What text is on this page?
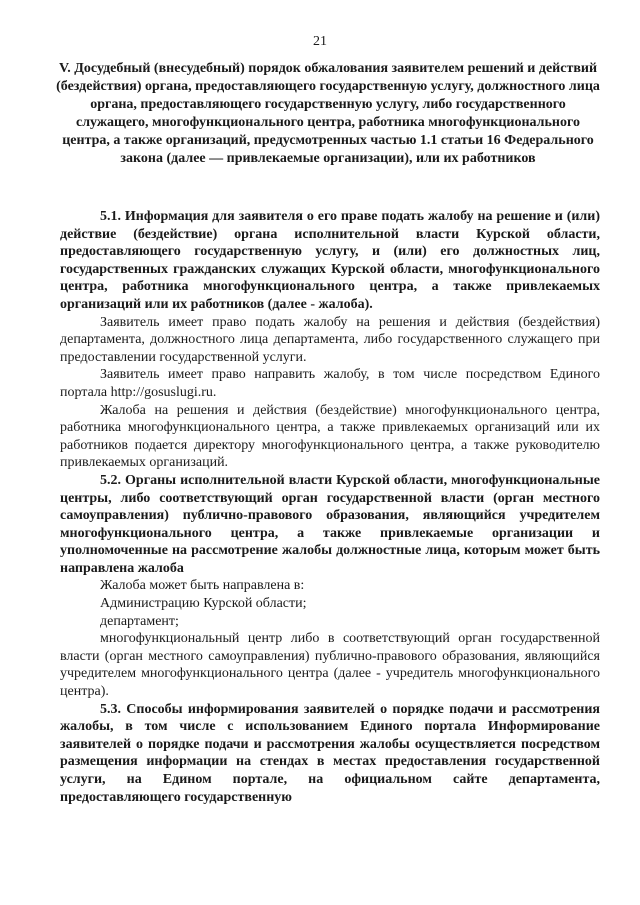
21
V. Досудебный (внесудебный) порядок обжалования заявителем решений и действий (бездействия) органа, предоставляющего государственную услугу, должностного лица органа, предоставляющего государственную услугу, либо государственного служащего, многофункционального центра, работника многофункционального центра, а также организаций, предусмотренных частью 1.1 статьи 16 Федерального закона (далее — привлекаемые организации), или их работников

5.1. Информация для заявителя о его праве подать жалобу на решение и (или) действие (бездействие) органа исполнительной власти Курской области, предоставляющего государственную услугу, и (или) его должностных лиц, государственных гражданских служащих Курской области, многофункционального центра, работника многофункционального центра, а также привлекаемых организаций или их работников (далее - жалоба).

Заявитель имеет право подать жалобу на решения и действия (бездействия) департамента, должностного лица департамента, либо государственного служащего при предоставлении государственной услуги.

Заявитель имеет право направить жалобу, в том числе посредством Единого портала http://gosuslugi.ru.

Жалоба на решения и действия (бездействие) многофункционального центра, работника многофункционального центра, а также привлекаемых организаций или их работников подается директору многофункционального центра, а также руководителю привлекаемых организаций.

5.2. Органы исполнительной власти Курской области, многофункциональные центры, либо соответствующий орган государственной власти (орган местного самоуправления) публично-правового образования, являющийся учредителем многофункционального центра, а также привлекаемые организации и уполномоченные на рассмотрение жалобы должностные лица, которым может быть направлена жалоба

Жалоба может быть направлена в:

Администрацию Курской области;

департамент;

многофункциональный центр либо в соответствующий орган государственной власти (орган местного самоуправления) публично-правового образования, являющийся учредителем многофункционального центра (далее - учредитель многофункционального центра).

5.3. Способы информирования заявителей о порядке подачи и рассмотрения жалобы, в том числе с использованием Единого портала Информирование заявителей о порядке подачи и рассмотрения жалобы осуществляется посредством размещения информации на стендах в местах предоставления государственной услуги, на Едином портале, на официальном сайте департамента, предоставляющего государственную
